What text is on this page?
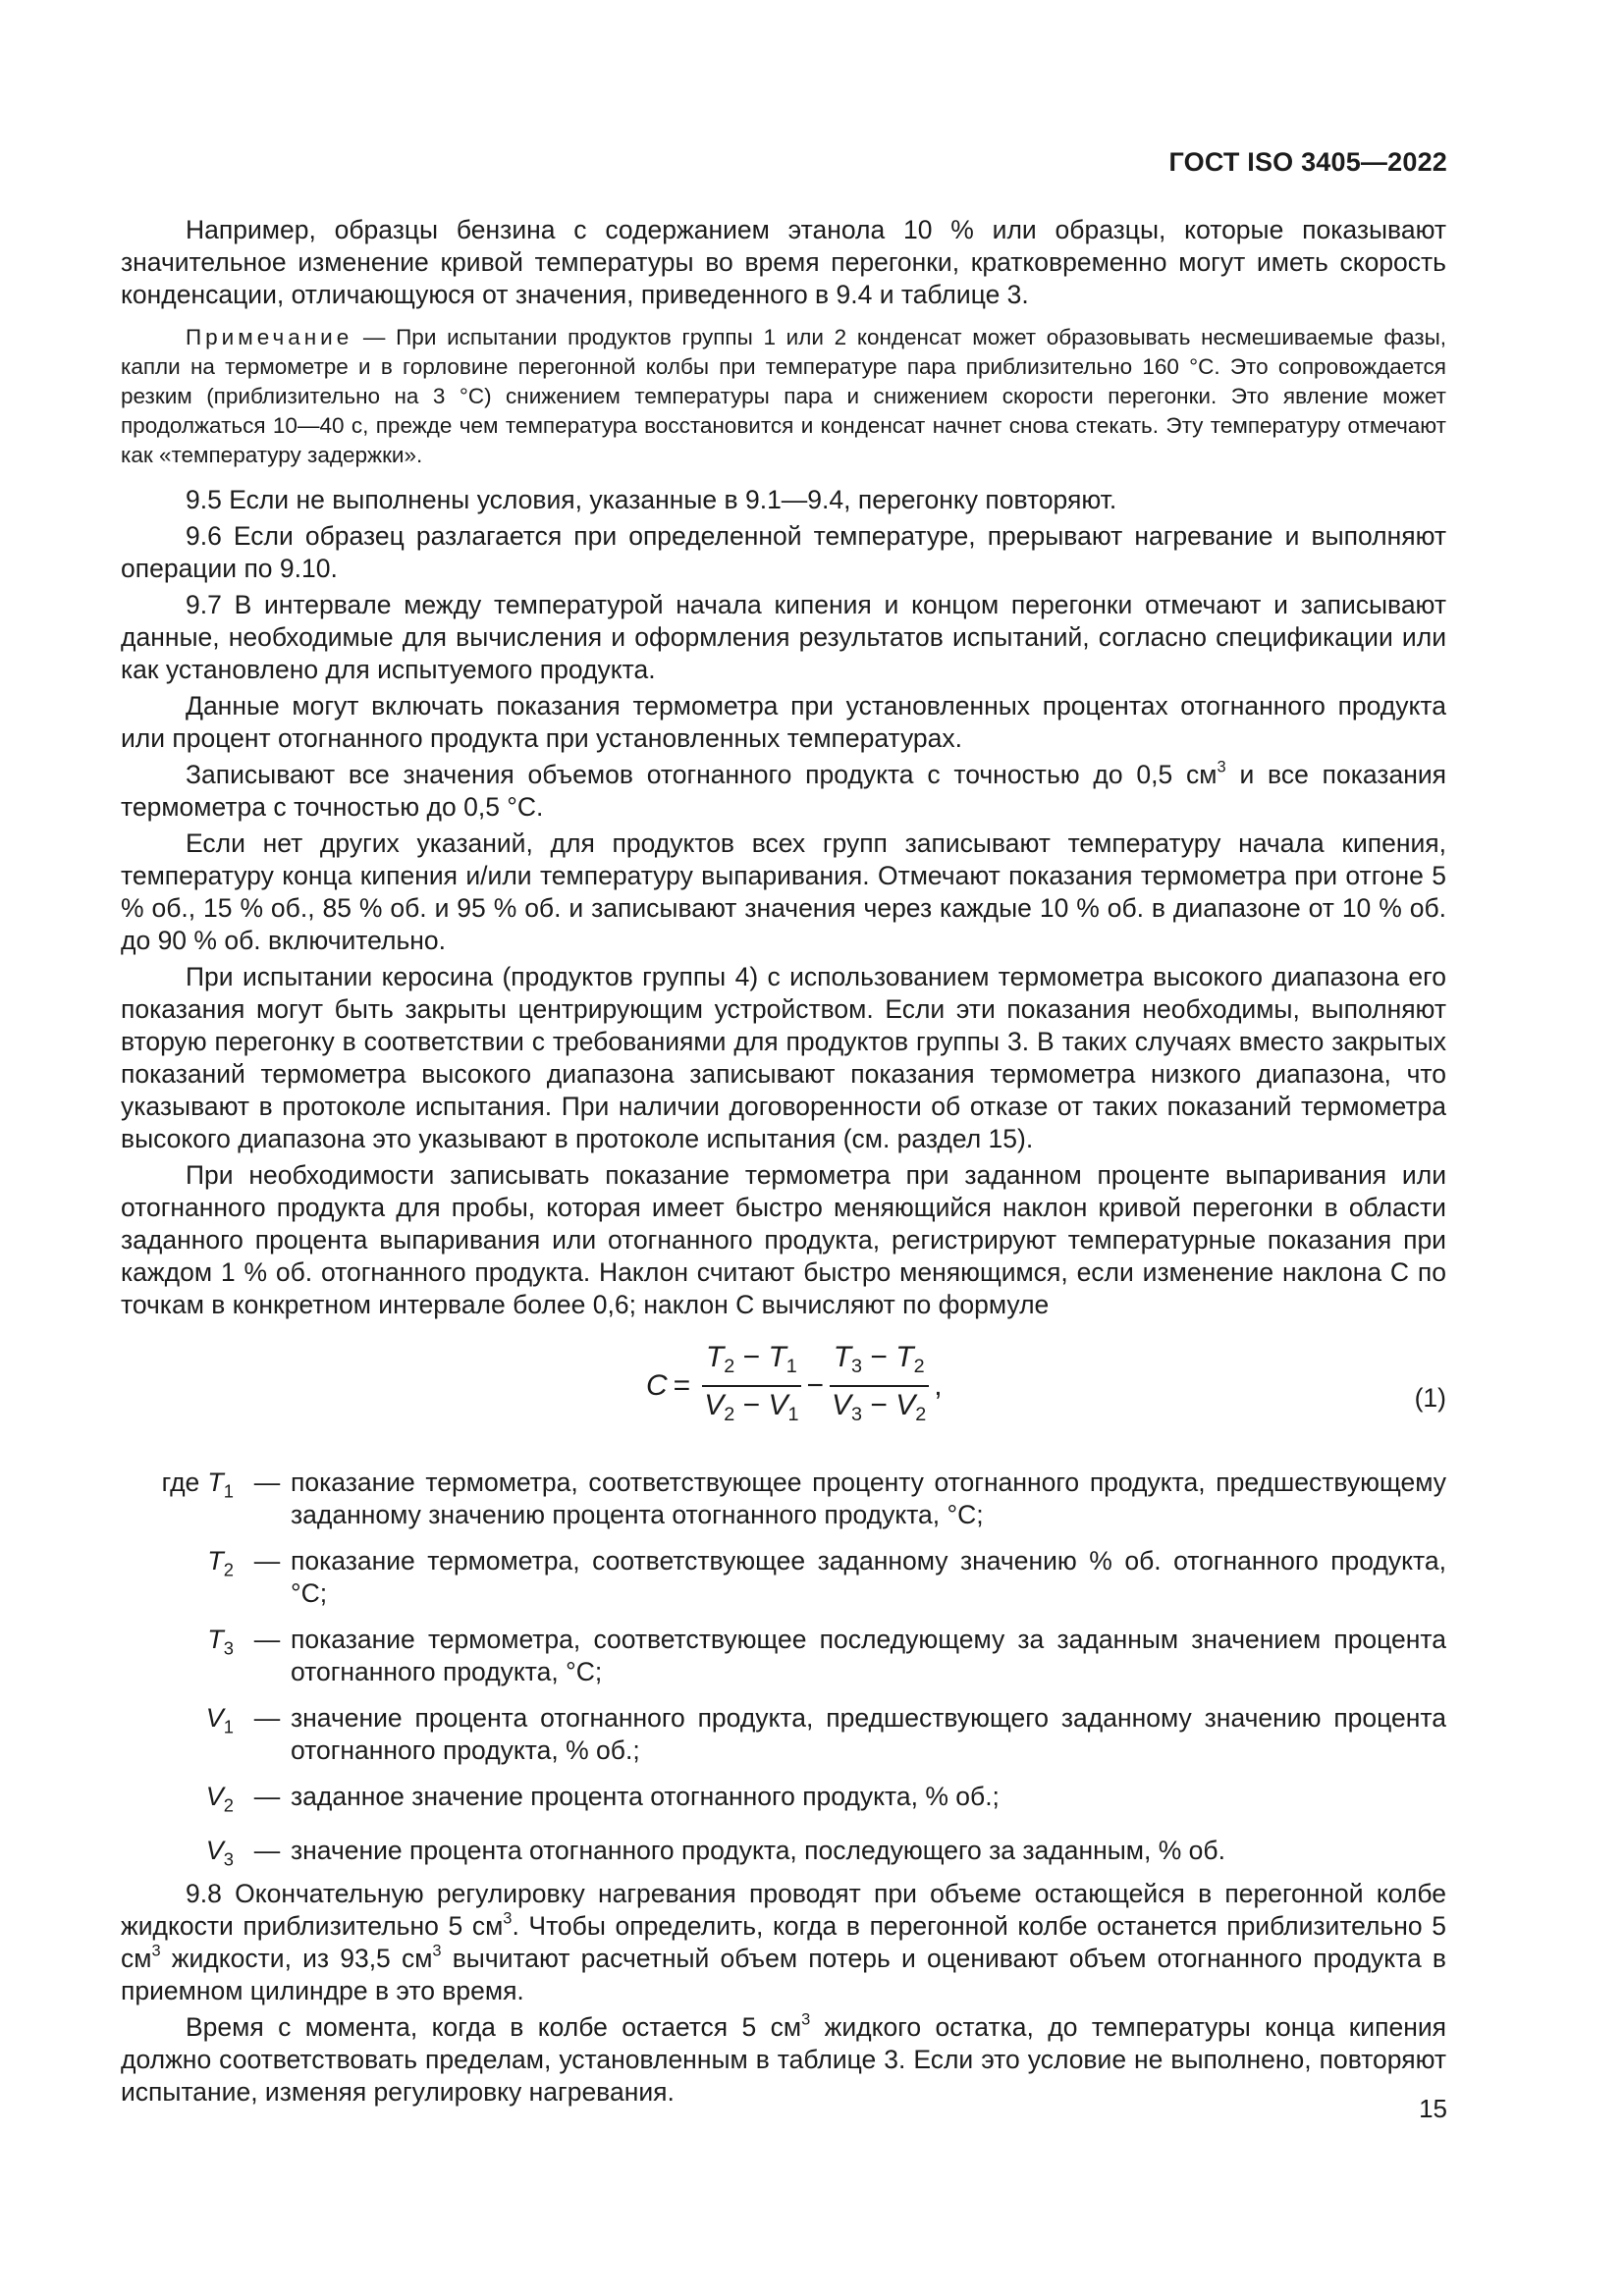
ГОСТ ISO 3405—2022

Например, образцы бензина с содержанием этанола 10 % или образцы, которые показывают значительное изменение кривой температуры во время перегонки, кратковременно могут иметь скорость конденсации, отличающуюся от значения, приведенного в 9.4 и таблице 3.

Примечание — При испытании продуктов группы 1 или 2 конденсат может образовывать несмешиваемые фазы, капли на термометре и в горловине перегонной колбы при температуре пара приблизительно 160 °С. Это сопровождается резким (приблизительно на 3 °С) снижением температуры пара и снижением скорости перегонки. Это явление может продолжаться 10—40 с, прежде чем температура восстановится и конденсат начнет снова стекать. Эту температуру отмечают как «температуру задержки».

9.5 Если не выполнены условия, указанные в 9.1—9.4, перегонку повторяют.

9.6 Если образец разлагается при определенной температуре, прерывают нагревание и выполняют операции по 9.10.

9.7 В интервале между температурой начала кипения и концом перегонки отмечают и записывают данные, необходимые для вычисления и оформления результатов испытаний, согласно спецификации или как установлено для испытуемого продукта.

Данные могут включать показания термометра при установленных процентах отогнанного продукта или процент отогнанного продукта при установленных температурах.

Записывают все значения объемов отогнанного продукта с точностью до 0,5 $см^3$ и все показания термометра с точностью до 0,5 °С.

Если нет других указаний, для продуктов всех групп записывают температуру начала кипения, температуру конца кипения и/или температуру выпаривания. Отмечают показания термометра при отгоне 5 % об., 15 % об., 85 % об. и 95 % об. и записывают значения через каждые 10 % об. в диапазоне от 10 % об. до 90 % об. включительно.

При испытании керосина (продуктов группы 4) с использованием термометра высокого диапазона его показания могут быть закрыты центрирующим устройством. Если эти показания необходимы, выполняют вторую перегонку в соответствии с требованиями для продуктов группы 3. В таких случаях вместо закрытых показаний термометра высокого диапазона записывают показания термометра низкого диапазона, что указывают в протоколе испытания. При наличии договоренности об отказе от таких показаний термометра высокого диапазона это указывают в протоколе испытания (см. раздел 15).

При необходимости записывать показание термометра при заданном проценте выпаривания или отогнанного продукта для пробы, которая имеет быстро меняющийся наклон кривой перегонки в области заданного процента выпаривания или отогнанного продукта, регистрируют температурные показания при каждом 1 % об. отогнанного продукта. Наклон считают быстро меняющимся, если изменение наклона С по точкам в конкретном интервале более 0,6; наклон С вычисляют по формуле

$C = \frac{T_2 - T_1}{V_2 - V_1} - \frac{T_3 - T_2}{V_3 - V_2}$ ,	(1)
где $T_1$ — показание термометра, соответствующее проценту отогнанного продукта, предшествующему заданному значению процента отогнанного продукта, °С;
$T_2$ — показание термометра, соответствующее заданному значению % об. отогнанного продукта, °С;
$T_3$ — показание термометра, соответствующее последующему за заданным значением процента отогнанного продукта, °С;
$V_1$ — значение процента отогнанного продукта, предшествующего заданному значению процента отогнанного продукта, % об.;
$V_2$ — заданное значение процента отогнанного продукта, % об.;
$V_3$ — значение процента отогнанного продукта, последующего за заданным, % об.

9.8 Окончательную регулировку нагревания проводят при объеме остающейся в перегонной колбе жидкости приблизительно 5 $см^3$. Чтобы определить, когда в перегонной колбе останется приблизительно 5 $см^3$ жидкости, из 93,5 $см^3$ вычитают расчетный объем потерь и оценивают объем отогнанного продукта в приемном цилиндре в это время.

Время с момента, когда в колбе остается 5 $см^3$ жидкого остатка, до температуры конца кипения должно соответствовать пределам, установленным в таблице 3. Если это условие не выполнено, повторяют испытание, изменяя регулировку нагревания.

15
